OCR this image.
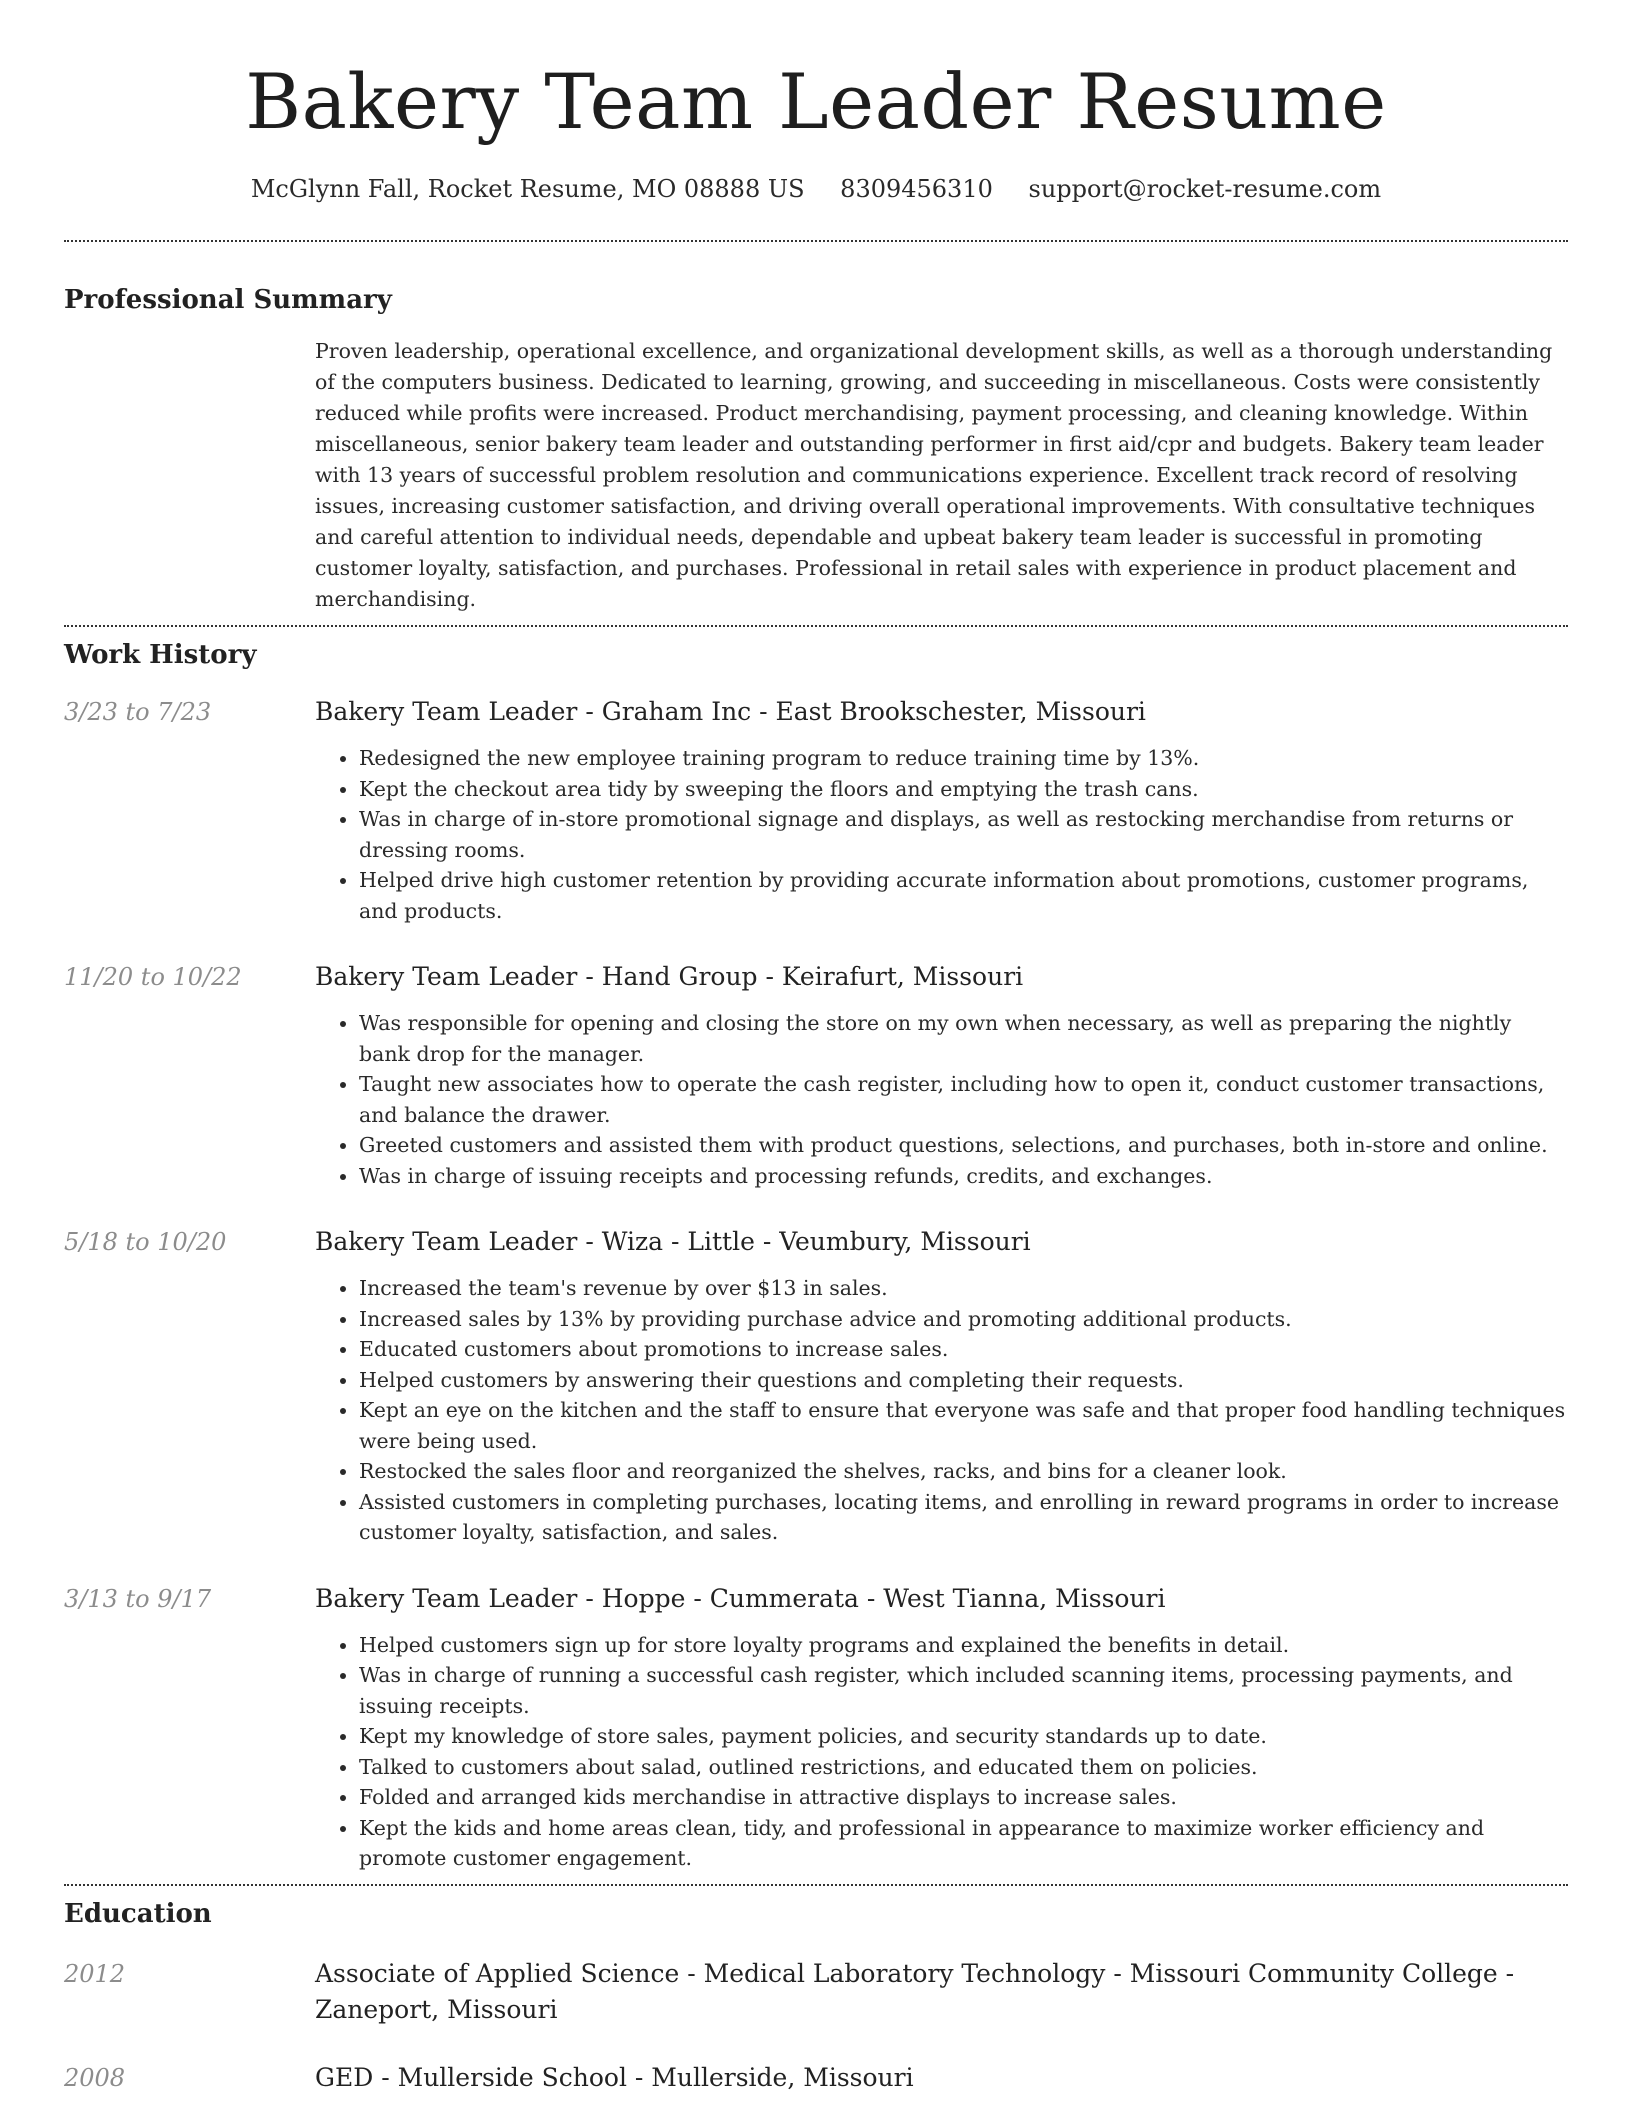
Bakery Team Leader Resume
McGlynn Fall, Rocket Resume, MO 08888 US 8309456310 support@rocket-resume.com
Professional Summary

Proven leadership, operational excellence, and organizational development skills, as well as a thorough understanding of the computers business. Dedicated to learning, growing, and succeeding in miscellaneous. Costs were consistently reduced while profits were increased. Product merchandising, payment processing, and cleaning knowledge. Within miscellaneous, senior bakery team leader and outstanding performer in first aid/cpr and budgets. Bakery team leader with 13 years of successful problem resolution and communications experience. Excellent track record of resolving issues, increasing customer satisfaction, and driving overall operational improvements. With consultative techniques and careful attention to individual needs, dependable and upbeat bakery team leader is successful in promoting customer loyalty, satisfaction, and purchases. Professional in retail sales with experience in product placement and merchandising.

Work History
3/23 to 7/23	Bakery Team Leader - Graham Inc - East Brookschester, Missouri
• Redesigned the new employee training program to reduce training time by 13%.
• Kept the checkout area tidy by sweeping the floors and emptying the trash cans.
• Was in charge of in-store promotional signage and displays, as well as restocking merchandise from returns or dressing rooms.
• Helped drive high customer retention by providing accurate information about promotions, customer programs, and products.
11/20 to 10/22	Bakery Team Leader - Hand Group - Keirafurt, Missouri
• Was responsible for opening and closing the store on my own when necessary, as well as preparing the nightly bank drop for the manager.
• Taught new associates how to operate the cash register, including how to open it, conduct customer transactions, and balance the drawer.
• Greeted customers and assisted them with product questions, selections, and purchases, both in-store and online.
• Was in charge of issuing receipts and processing refunds, credits, and exchanges.
5/18 to 10/20	Bakery Team Leader - Wiza - Little - Veumbury, Missouri
• Increased the team's revenue by over $13 in sales.
• Increased sales by 13% by providing purchase advice and promoting additional products.
• Educated customers about promotions to increase sales.
• Helped customers by answering their questions and completing their requests.
• Kept an eye on the kitchen and the staff to ensure that everyone was safe and that proper food handling techniques were being used.
• Restocked the sales floor and reorganized the shelves, racks, and bins for a cleaner look.
• Assisted customers in completing purchases, locating items, and enrolling in reward programs in order to increase customer loyalty, satisfaction, and sales.
3/13 to 9/17	Bakery Team Leader - Hoppe - Cummerata - West Tianna, Missouri
• Helped customers sign up for store loyalty programs and explained the benefits in detail.
• Was in charge of running a successful cash register, which included scanning items, processing payments, and issuing receipts.
• Kept my knowledge of store sales, payment policies, and security standards up to date.
• Talked to customers about salad, outlined restrictions, and educated them on policies.
• Folded and arranged kids merchandise in attractive displays to increase sales.
• Kept the kids and home areas clean, tidy, and professional in appearance to maximize worker efficiency and promote customer engagement.
Education
2012	Associate of Applied Science - Medical Laboratory Technology - Missouri Community College - Zaneport, Missouri
2008	GED - Mullerside School - Mullerside, Missouri
